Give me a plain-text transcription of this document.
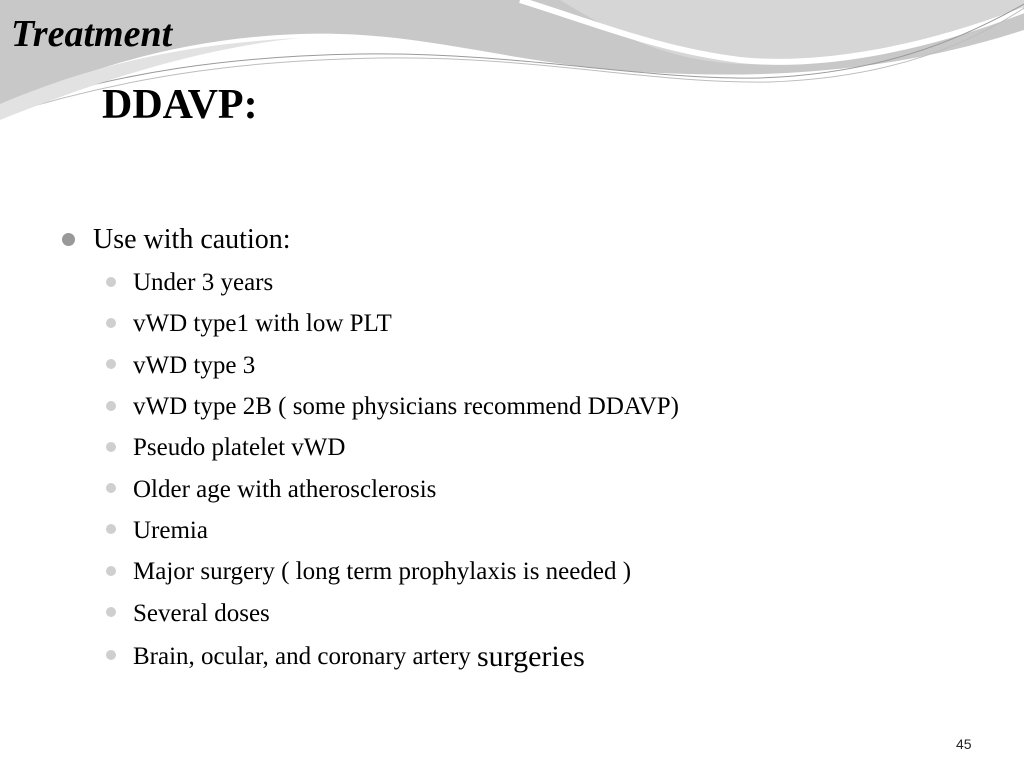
Treatment
DDAVP:
Use with caution:
Under 3 years
vWD type1 with low PLT
vWD type 3
vWD type 2B ( some physicians recommend DDAVP)
Pseudo platelet vWD
Older age with atherosclerosis
Uremia
Major surgery ( long term prophylaxis is needed )
Several doses
Brain, ocular, and coronary artery surgeries
45
